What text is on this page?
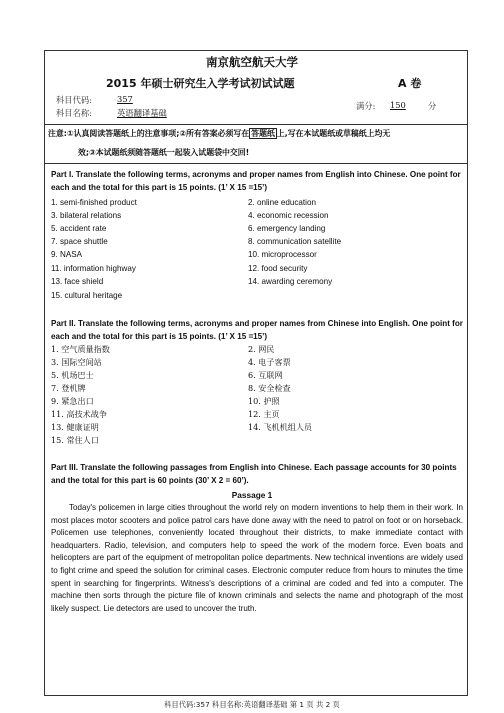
南京航空航天大学
2015 年硕士研究生入学考试初试试题	A 卷
科目代码:	357
科目名称:	英语翻译基础
满分: 150	分
注意:①认真阅读答题纸上的注意事项;②所有答案必须写在 答题纸 上,写在本试题纸或草稿纸上均无
效;③本试题纸须随答题纸一起装入试题袋中交回!
Part I. Translate the following terms, acronyms and proper names from English into Chinese. One point for each and the total for this part is 15 points. (1’ X 15 =15’)
1. semi-finished product	2. online education
3. bilateral relations	4. economic recession
5. accident rate	6. emergency landing
7. space shuttle	8. communication satellite
9. NASA	10. microprocessor
11. information highway	12. food security
13. face shield	14. awarding ceremony
15. cultural heritage
Part II. Translate the following terms, acronyms and proper names from Chinese into English. One point for each and the total for this part is 15 points. (1’ X 15 =15’)
1. 空气质量指数	2. 网民
3. 国际空间站	4. 电子客票
5. 机场巴士	6. 互联网
7. 登机牌	8. 安全检查
9. 紧急出口	10. 护照
11. 高技术战争	12. 主页
13. 健康证明	14. 飞机机组人员
15. 常住人口
Part III. Translate the following passages from English into Chinese. Each passage accounts for 30 points and the total for this part is 60 points (30’ X 2 = 60’).
Passage 1
Today's policemen in large cities throughout the world rely on modern inventions to help them in their work. In most places motor scooters and police patrol cars have done away with the need to patrol on foot or on horseback. Policemen use telephones, conveniently located throughout their districts, to make immediate contact with headquarters. Radio, television, and computers help to speed the work of the modern force. Even boats and helicopters are part of the equipment of metropolitan police departments. New technical inventions are widely used to fight crime and speed the solution for criminal cases. Electronic computer reduce from hours to minutes the time spent in searching for fingerprints. Witness's descriptions of a criminal are coded and fed into a computer. The machine then sorts through the picture file of known criminals and selects the name and photograph of the most likely suspect. Lie detectors are used to uncover the truth.
科目代码:357 科目名称:英语翻译基础 第 1 页 共 2 页
